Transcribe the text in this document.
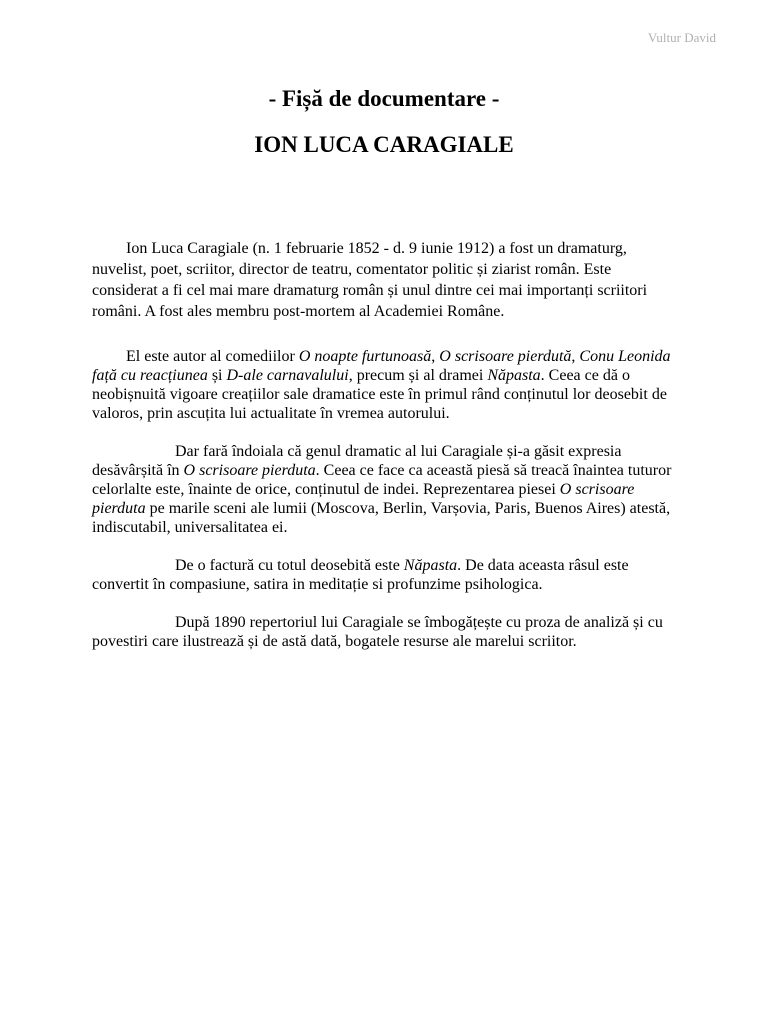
Vultur David
- Fișă de documentare -
ION LUCA CARAGIALE

Ion Luca Caragiale (n. 1 februarie 1852 - d. 9 iunie 1912) a fost un dramaturg, nuvelist, poet, scriitor, director de teatru, comentator politic și ziarist român. Este considerat a fi cel mai mare dramaturg român și unul dintre cei mai importanți scriitori români. A fost ales membru post-mortem al Academiei Române.

El este autor al comediilor O noapte furtunoasă, O scrisoare pierdută, Conu Leonida față cu reacțiunea și D-ale carnavalului, precum și al dramei Năpasta. Ceea ce dă o neobișnuită vigoare creațiilor sale dramatice este în primul rând conținutul lor deosebit de valoros, prin ascuțita lui actualitate în vremea autorului.

Dar fară îndoiala că genul dramatic al lui Caragiale și-a găsit expresia desăvârșită în O scrisoare pierduta. Ceea ce face ca această piesă să treacă înaintea tuturor celorlalte este, înainte de orice, conținutul de indei. Reprezentarea piesei O scrisoare pierduta pe marile sceni ale lumii (Moscova, Berlin, Varșovia, Paris, Buenos Aires) atestă, indiscutabil, universalitatea ei.

De o factură cu totul deosebită este Năpasta. De data aceasta râsul este convertit în compasiune, satira in meditație si profunzime psihologica.

După 1890 repertoriul lui Caragiale se îmbogățește cu proza de analiză și cu povestiri care ilustrează și de astă dată, bogatele resurse ale marelui scriitor.
